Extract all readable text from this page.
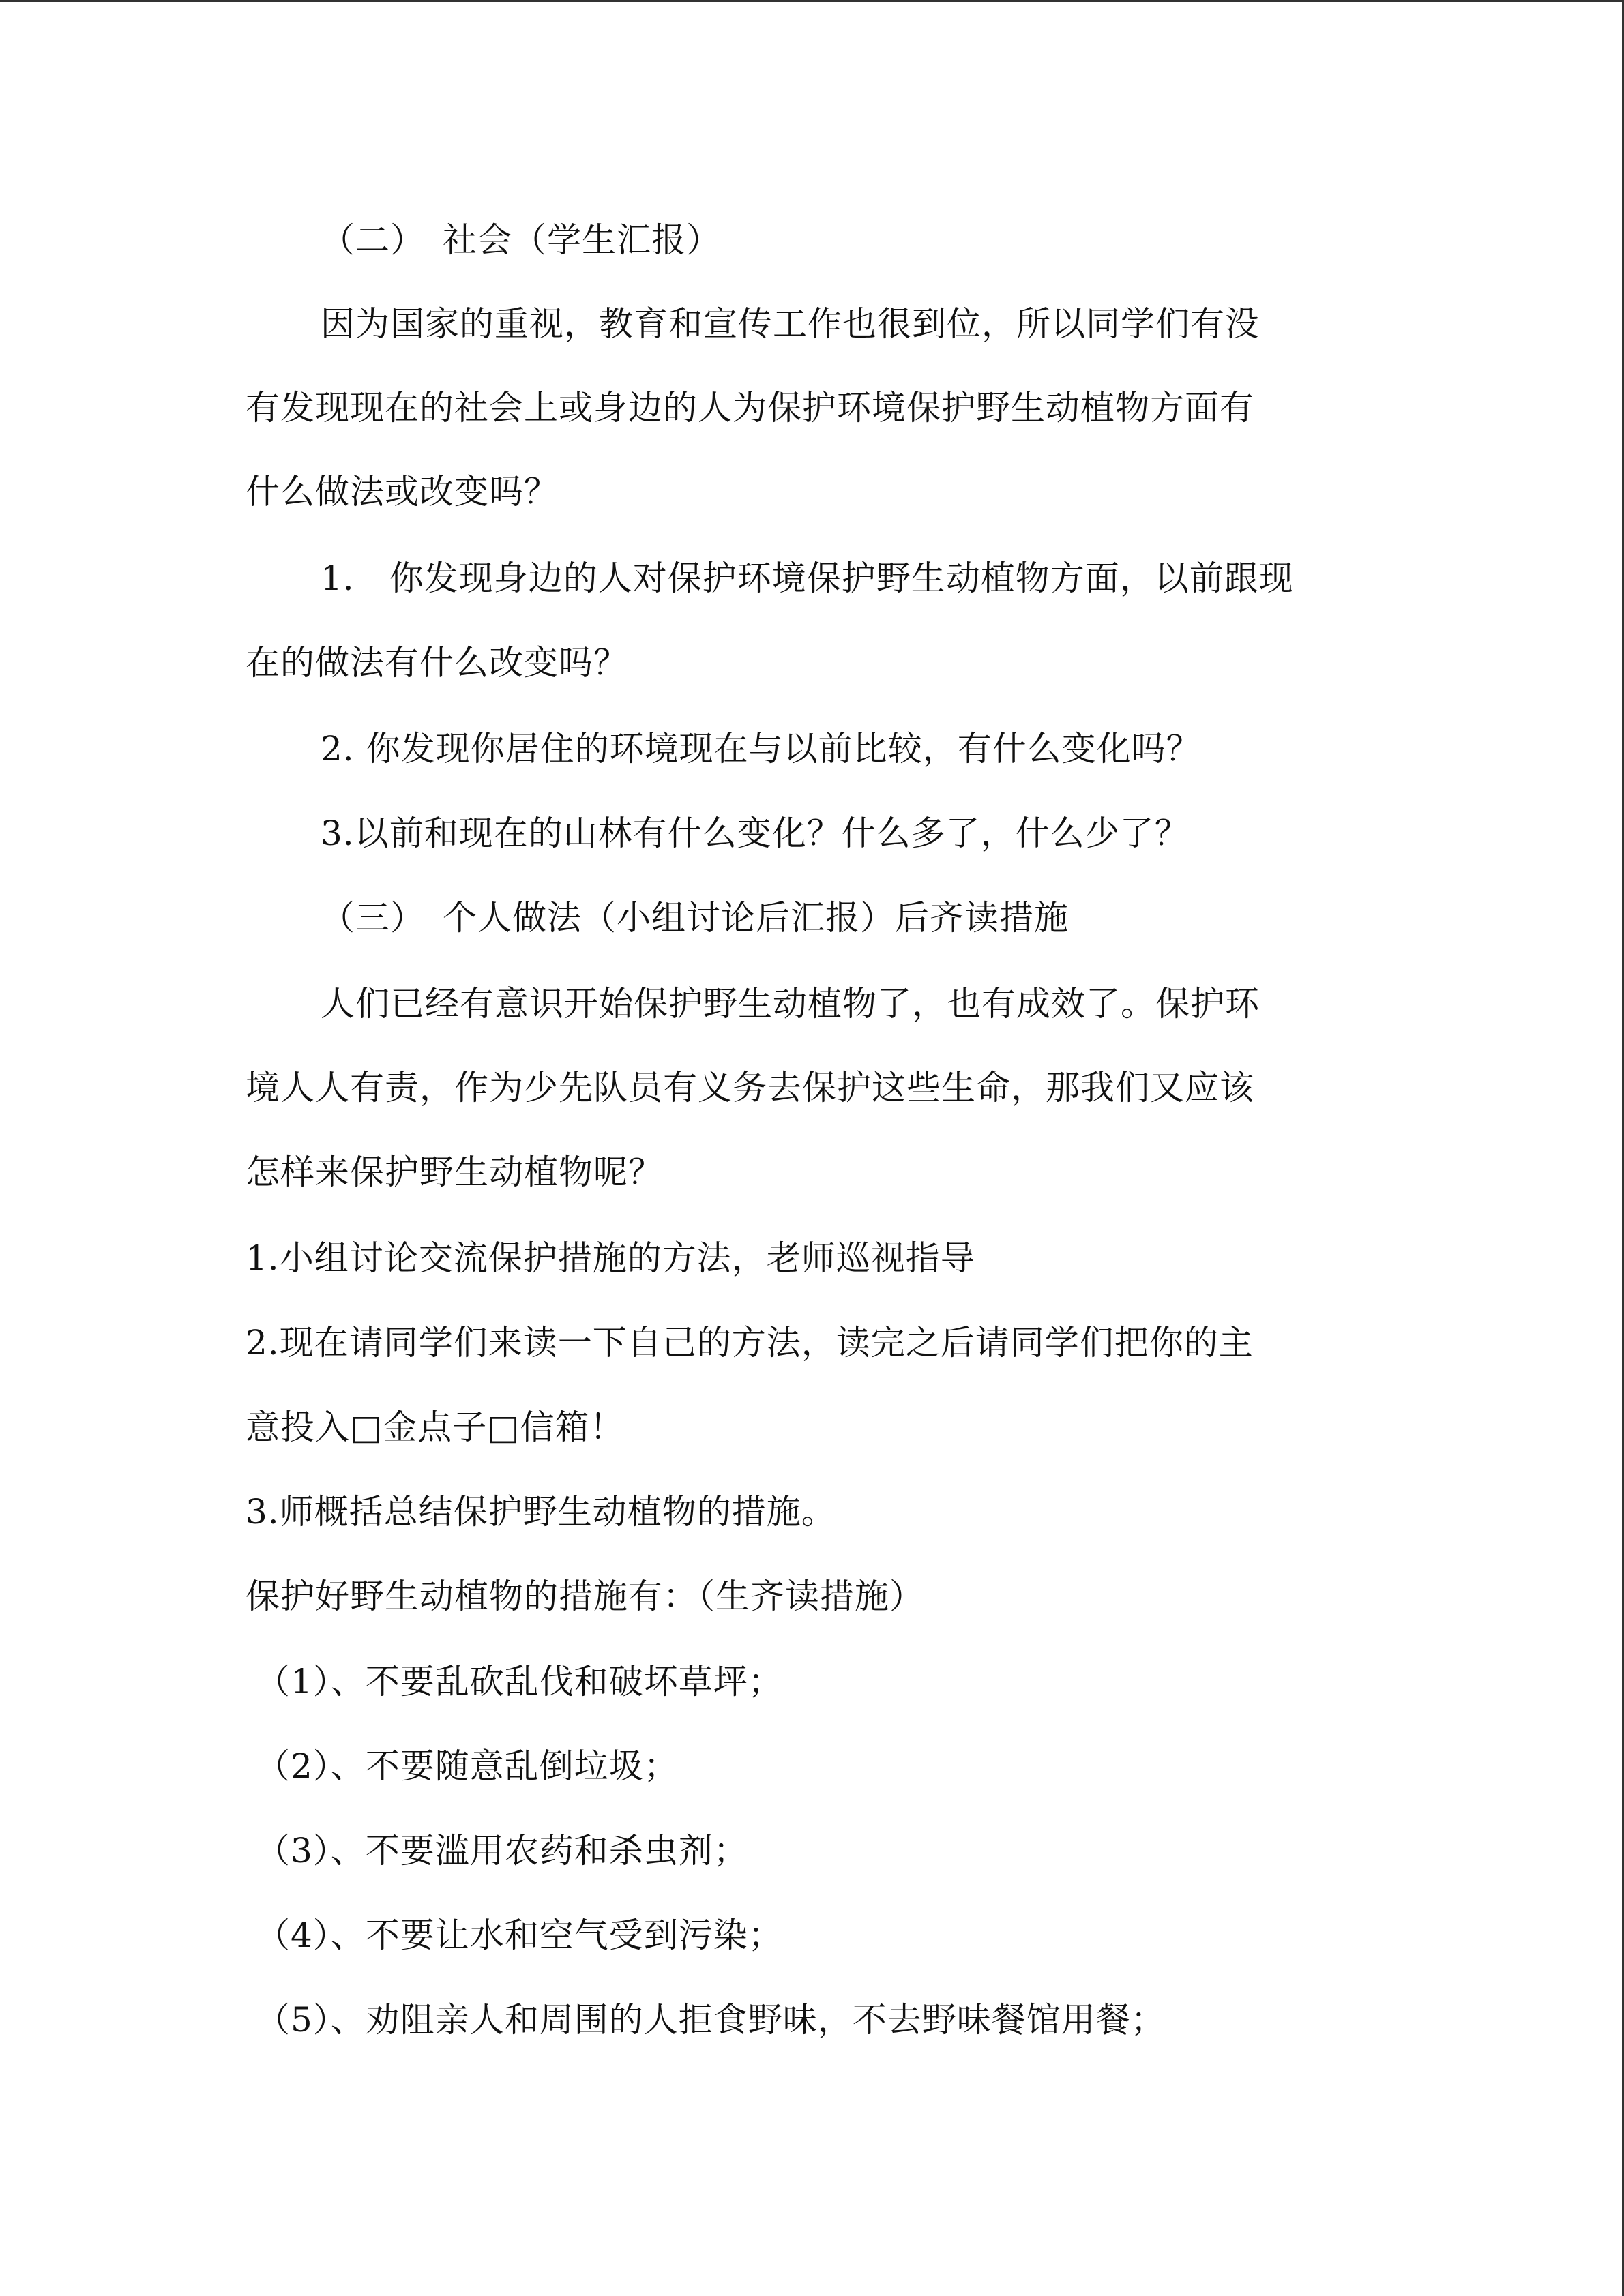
（二）　社会（学生汇报）
因为国家的重视，教育和宣传工作也很到位，所以同学们有没
有发现现在的社会上或身边的人为保护环境保护野生动植物方面有
什么做法或改变吗？
1.　你发现身边的人对保护环境保护野生动植物方面，以前跟现
在的做法有什么改变吗？
2. 你发现你居住的环境现在与以前比较，有什么变化吗？
3.以前和现在的山林有什么变化？什么多了，什么少了？
（三）　个人做法（小组讨论后汇报）后齐读措施
人们已经有意识开始保护野生动植物了，也有成效了。保护环
境人人有责，作为少先队员有义务去保护这些生命，那我们又应该
怎样来保护野生动植物呢？
1.小组讨论交流保护措施的方法，老师巡视指导
2.现在请同学们来读一下自己的方法，读完之后请同学们把你的主
意投入□金点子□信箱！
3.师概括总结保护野生动植物的措施。
保护好野生动植物的措施有：（生齐读措施）
（1）、不要乱砍乱伐和破坏草坪；
（2）、不要随意乱倒垃圾；
（3）、不要滥用农药和杀虫剂；
（4）、不要让水和空气受到污染；
（5）、劝阻亲人和周围的人拒食野味，不去野味餐馆用餐；
